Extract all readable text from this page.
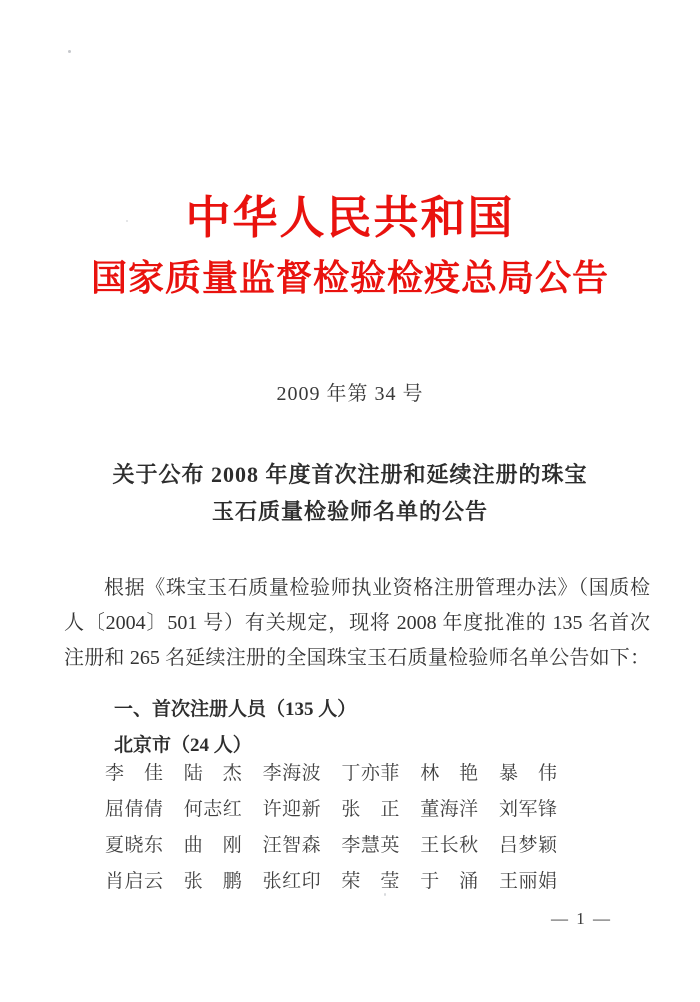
中华人民共和国
国家质量监督检验检疫总局公告
2009 年第 34 号
关于公布 2008 年度首次注册和延续注册的珠宝
玉石质量检验师名单的公告
根据《珠宝玉石质量检验师执业资格注册管理办法》（国质检
人〔2004〕501 号）有关规定，现将 2008 年度批准的 135 名首次
注册和 265 名延续注册的全国珠宝玉石质量检验师名单公告如下：
一、首次注册人员（135 人）
北京市（24 人）
李佳 陆杰 李海波 丁亦菲 林艳 暴伟
屈倩倩 何志红 许迎新 张正 董海洋 刘军锋
夏晓东 曲刚 汪智森 李慧英 王长秋 吕梦颖
肖启云 张鹏 张红印 荣莹 于涌 王丽娟
— 1 —
